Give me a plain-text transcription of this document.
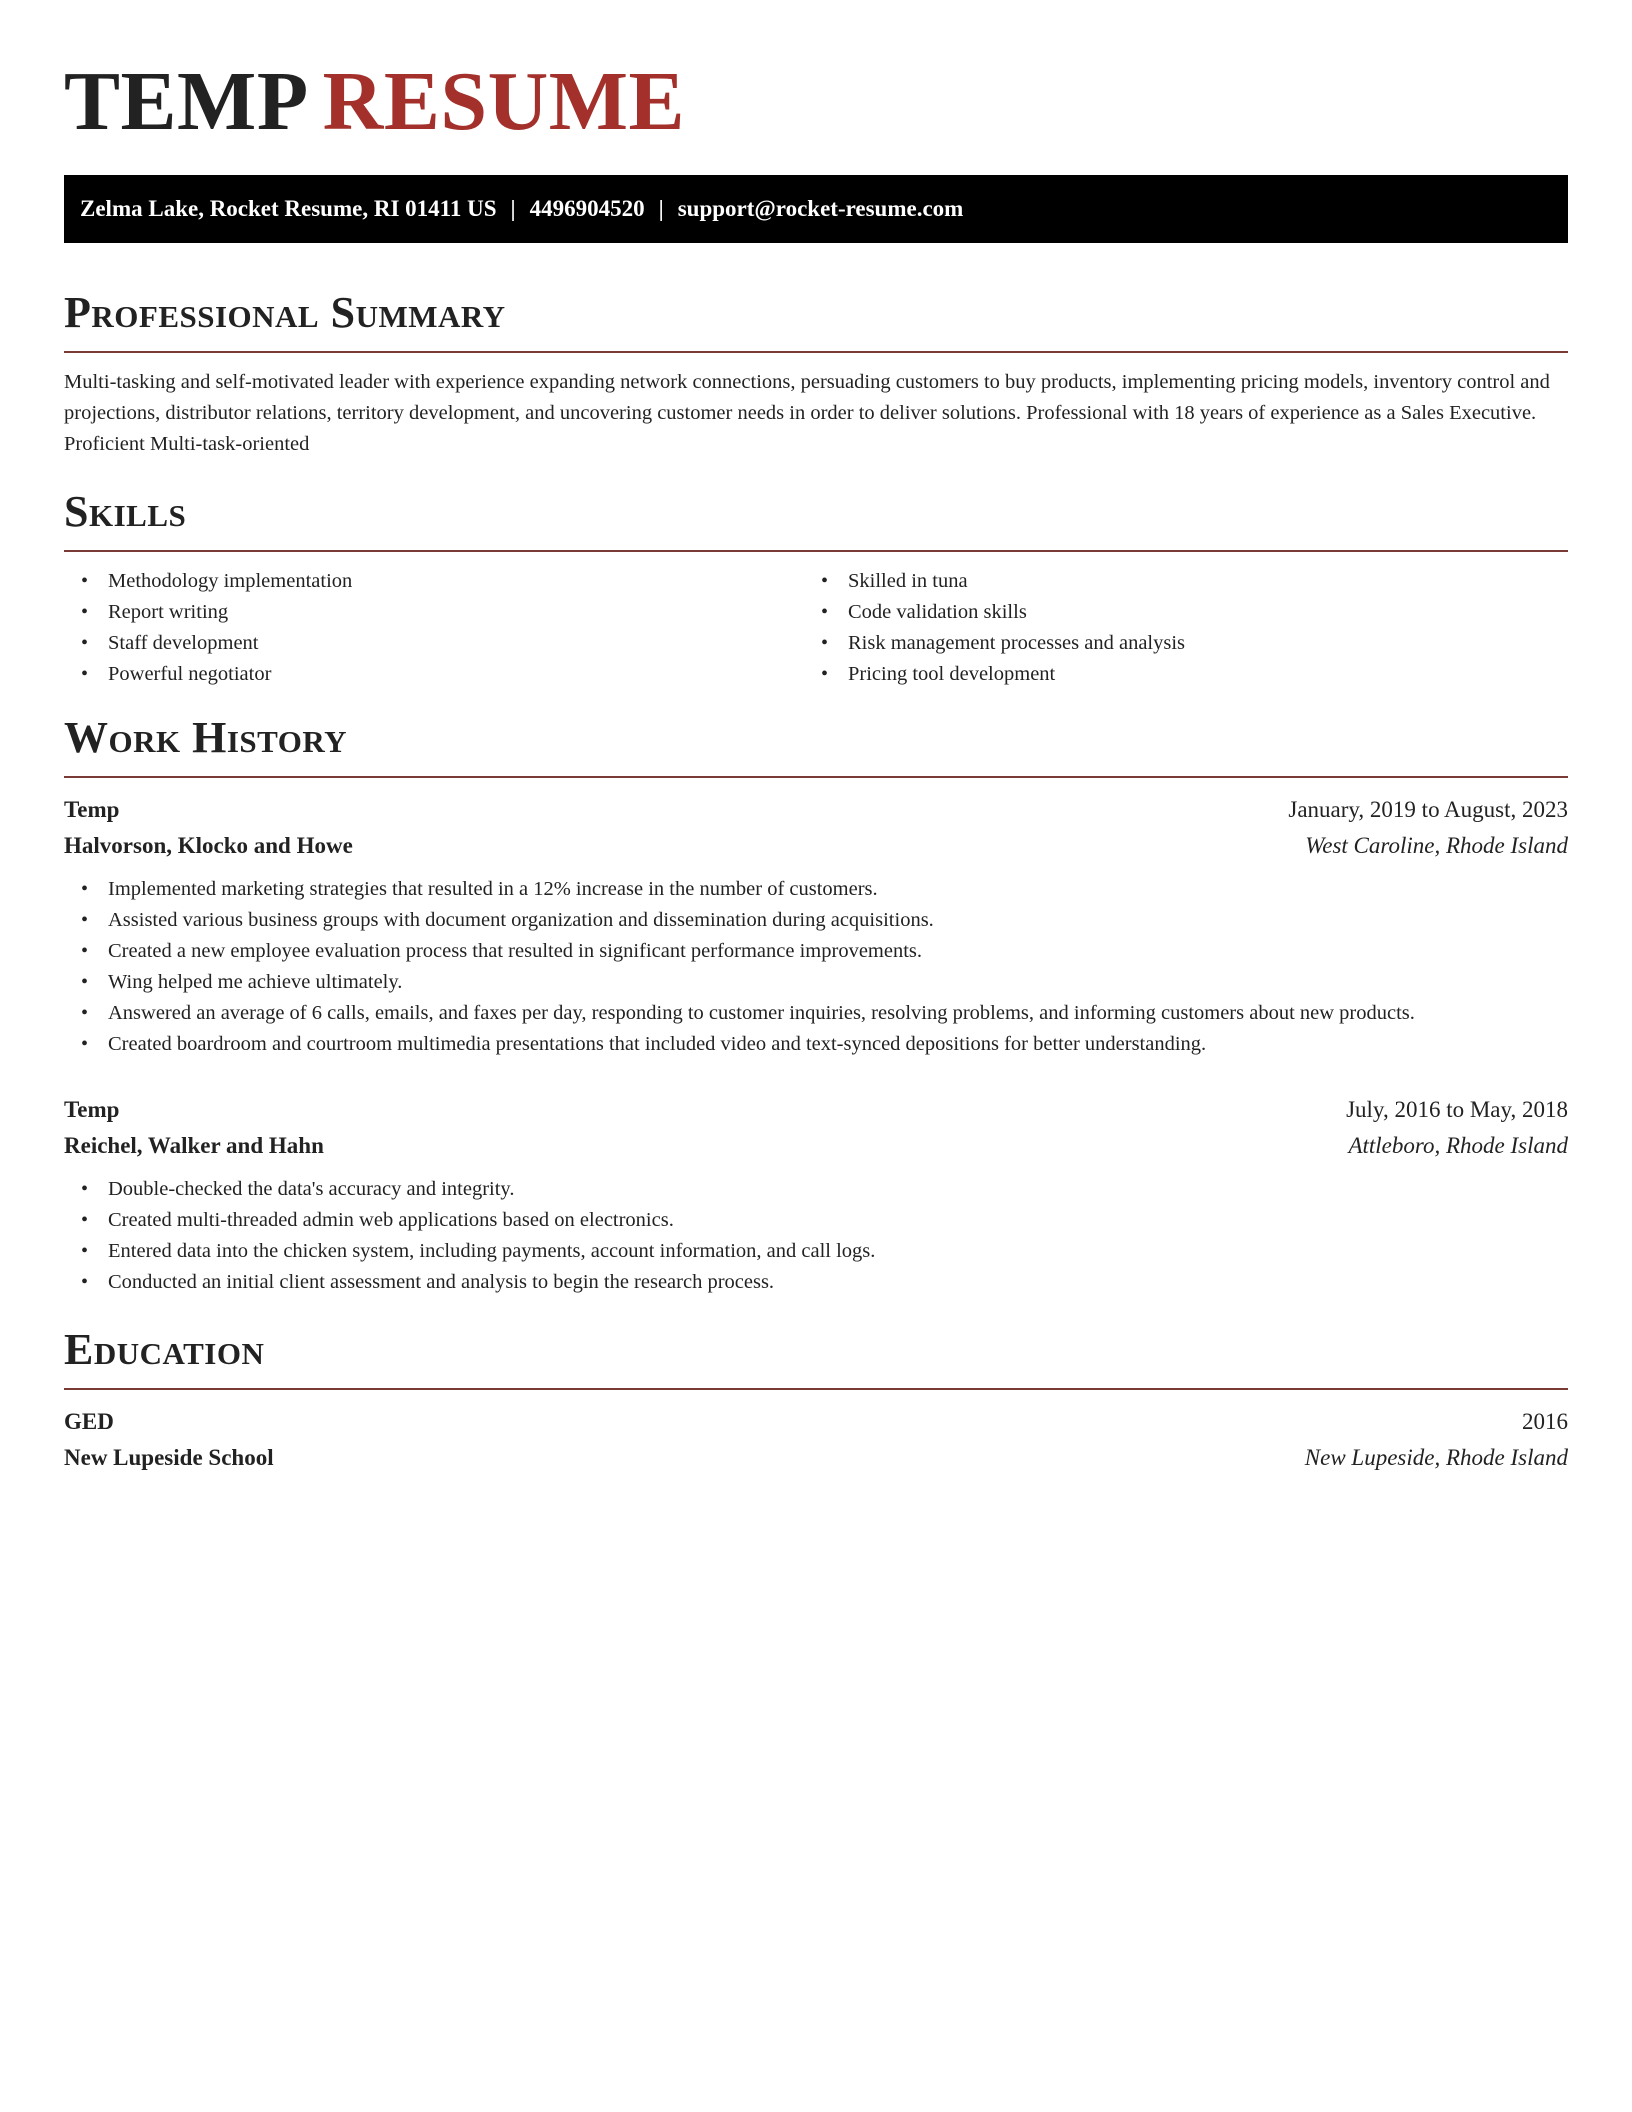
TEMP RESUME
Zelma Lake, Rocket Resume, RI 01411 US | 4496904520 | support@rocket-resume.com
Professional Summary

Multi-tasking and self-motivated leader with experience expanding network connections, persuading customers to buy products, implementing pricing models, inventory control and projections, distributor relations, territory development, and uncovering customer needs in order to deliver solutions. Professional with 18 years of experience as a Sales Executive. Proficient Multi-task-oriented

Skills
• Methodology implementation
• Report writing
• Staff development
• Powerful negotiator
• Skilled in tuna
• Code validation skills
• Risk management processes and analysis
• Pricing tool development
Work History
Temp	January, 2019 to August, 2023
Halvorson, Klocko and Howe	West Caroline, Rhode Island
• Implemented marketing strategies that resulted in a 12% increase in the number of customers.
• Assisted various business groups with document organization and dissemination during acquisitions.
• Created a new employee evaluation process that resulted in significant performance improvements.
• Wing helped me achieve ultimately.
• Answered an average of 6 calls, emails, and faxes per day, responding to customer inquiries, resolving problems, and informing customers about new products.
• Created boardroom and courtroom multimedia presentations that included video and text-synced depositions for better understanding.
Temp	July, 2016 to May, 2018
Reichel, Walker and Hahn	Attleboro, Rhode Island
• Double-checked the data's accuracy and integrity.
• Created multi-threaded admin web applications based on electronics.
• Entered data into the chicken system, including payments, account information, and call logs.
• Conducted an initial client assessment and analysis to begin the research process.
Education
GED	2016
New Lupeside School	New Lupeside, Rhode Island
